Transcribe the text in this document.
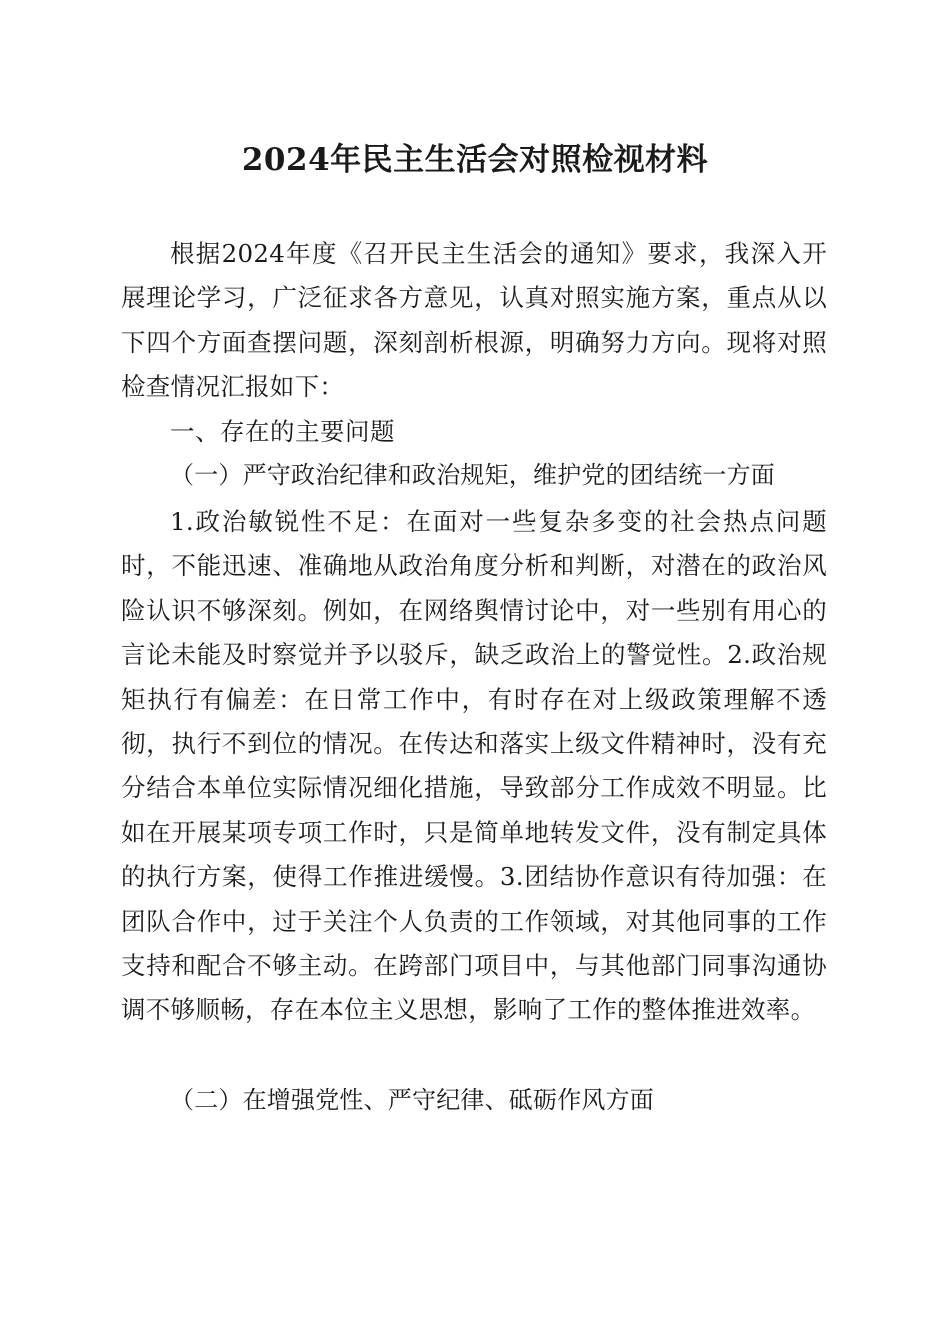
2024年民主生活会对照检视材料

根据2024年度《召开民主生活会的通知》要求，我深入开展理论学习，广泛征求各方意见，认真对照实施方案，重点从以下四个方面查摆问题，深刻剖析根源，明确努力方向。现将对照检查情况汇报如下：

一、存在的主要问题
（一）严守政治纪律和政治规矩，维护党的团结统一方面

1.政治敏锐性不足：在面对一些复杂多变的社会热点问题时，不能迅速、准确地从政治角度分析和判断，对潜在的政治风险认识不够深刻。例如，在网络舆情讨论中，对一些别有用心的言论未能及时察觉并予以驳斥，缺乏政治上的警觉性。2.政治规矩执行有偏差：在日常工作中，有时存在对上级政策理解不透彻，执行不到位的情况。在传达和落实上级文件精神时，没有充分结合本单位实际情况细化措施，导致部分工作成效不明显。比如在开展某项专项工作时，只是简单地转发文件，没有制定具体的执行方案，使得工作推进缓慢。3.团结协作意识有待加强：在团队合作中，过于关注个人负责的工作领域，对其他同事的工作支持和配合不够主动。在跨部门项目中，与其他部门同事沟通协调不够顺畅，存在本位主义思想，影响了工作的整体推进效率。

（二）在增强党性、严守纪律、砥砺作风方面
